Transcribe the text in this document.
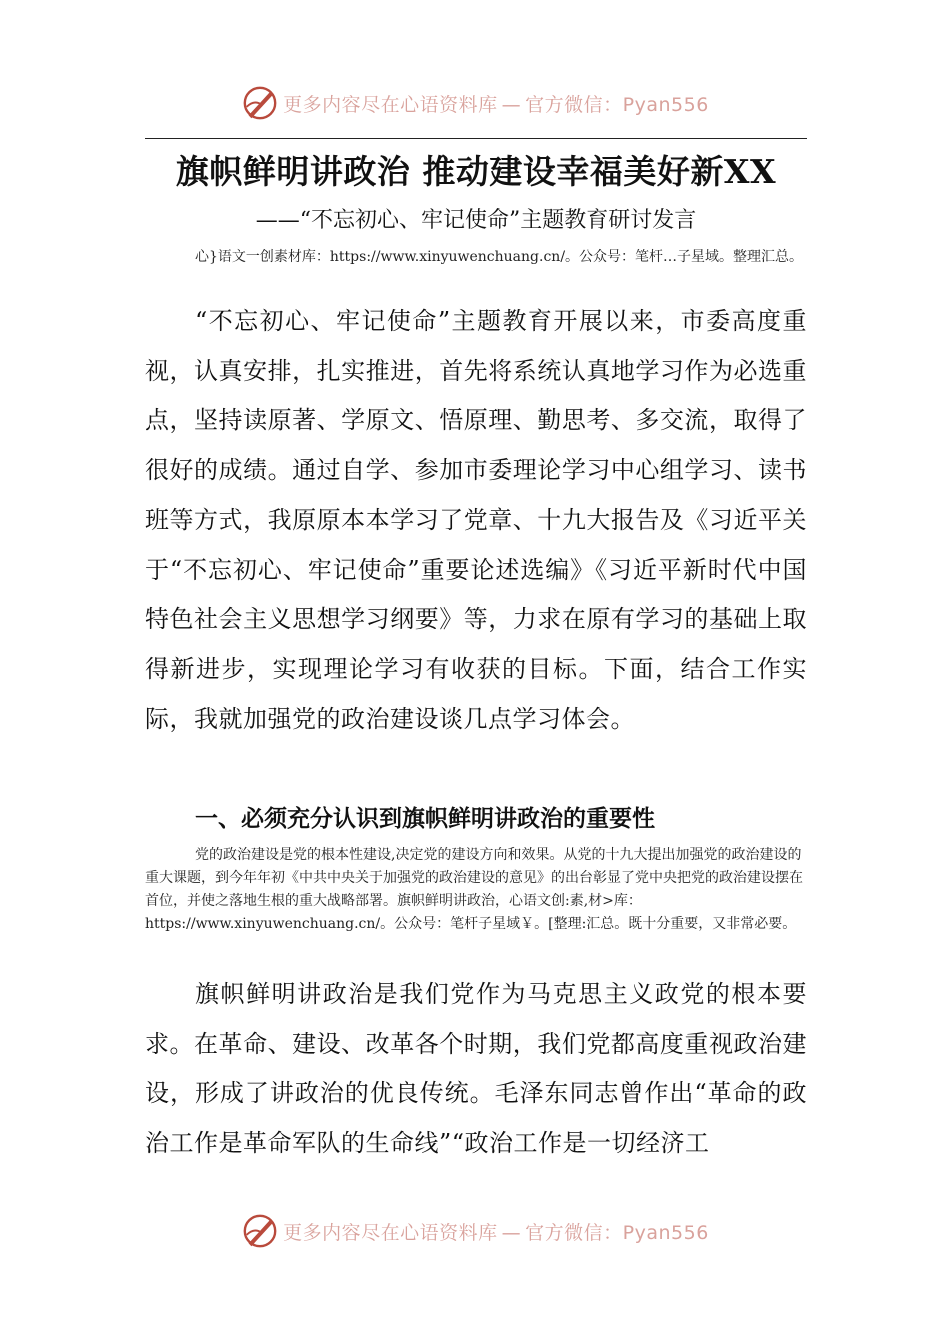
更多内容尽在心语资料库 — 官方微信：Pyan556
旗帜鲜明讲政治 推动建设幸福美好新XX
——“不忘初心、牢记使命”主题教育研讨发言
心}语文一创素材库：https://www.xinyuwenchuang.cn/。公众号：笔杆…子星域。整理汇总。
“不忘初心、牢记使命”主题教育开展以来，市委高度重视，认真安排，扎实推进，首先将系统认真地学习作为必选重点，坚持读原著、学原文、悟原理、勤思考、多交流，取得了很好的成绩。通过自学、参加市委理论学习中心组学习、读书班等方式，我原原本本学习了党章、十九大报告及《习近平关于“不忘初心、牢记使命”重要论述选编》《习近平新时代中国特色社会主义思想学习纲要》等，力求在原有学习的基础上取得新进步，实现理论学习有收获的目标。下面，结合工作实际，我就加强党的政治建设谈几点学习体会。
一、必须充分认识到旗帜鲜明讲政治的重要性
党的政治建设是党的根本性建设,决定党的建设方向和效果。从党的十九大提出加强党的政治建设的重大课题，到今年年初《中共中央关于加强党的政治建设的意见》的出台彰显了党中央把党的政治建设摆在首位，并使之落地生根的重大战略部署。旗帜鲜明讲政治，心语文创:素,材>库：https://www.xinyuwenchuang.cn/。公众号：笔杆子星域￥。[整理:汇总。既十分重要，又非常必要。
旗帜鲜明讲政治是我们党作为马克思主义政党的根本要求。在革命、建设、改革各个时期，我们党都高度重视政治建设，形成了讲政治的优良传统。毛泽东同志曾作出“革命的政治工作是革命军队的生命线”“政治工作是一切经济工
更多内容尽在心语资料库 — 官方微信：Pyan556
